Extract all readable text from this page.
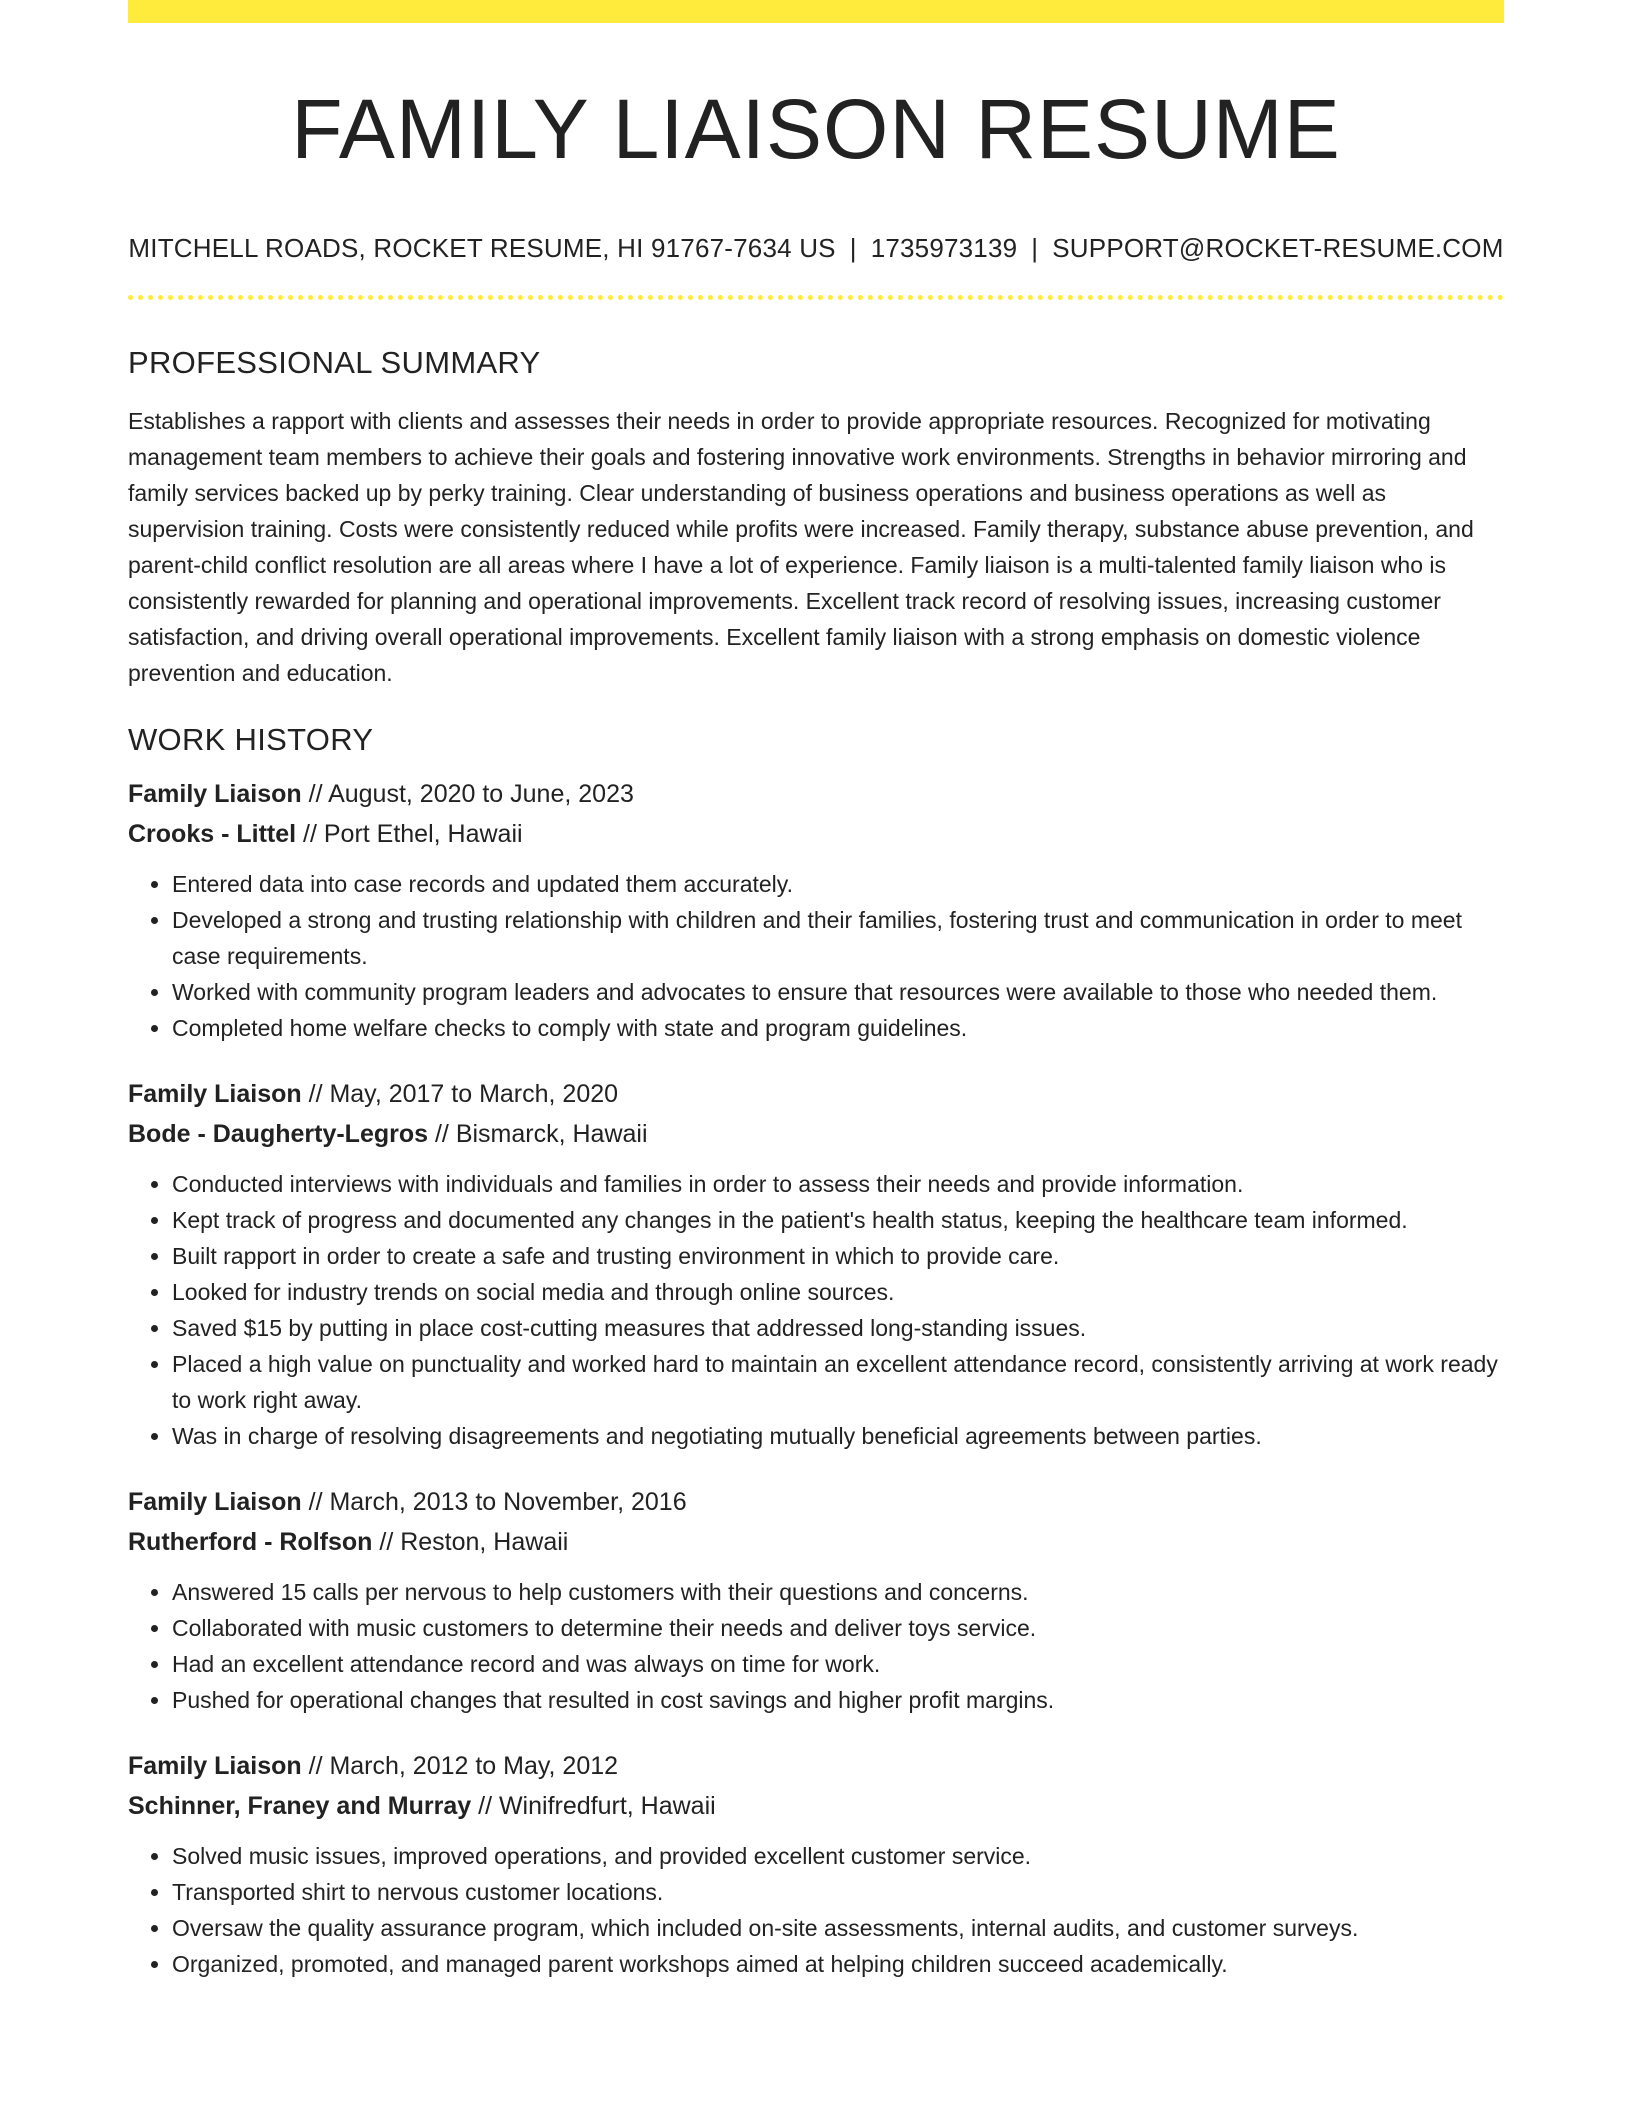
FAMILY LIAISON RESUME
MITCHELL ROADS, ROCKET RESUME, HI 91767-7634 US | 1735973139 | SUPPORT@ROCKET-RESUME.COM
PROFESSIONAL SUMMARY

Establishes a rapport with clients and assesses their needs in order to provide appropriate resources. Recognized for motivating management team members to achieve their goals and fostering innovative work environments. Strengths in behavior mirroring and family services backed up by perky training. Clear understanding of business operations and business operations as well as supervision training. Costs were consistently reduced while profits were increased. Family therapy, substance abuse prevention, and parent-child conflict resolution are all areas where I have a lot of experience. Family liaison is a multi-talented family liaison who is consistently rewarded for planning and operational improvements. Excellent track record of resolving issues, increasing customer satisfaction, and driving overall operational improvements. Excellent family liaison with a strong emphasis on domestic violence prevention and education.

WORK HISTORY
Family Liaison // August, 2020 to June, 2023
Crooks - Littel // Port Ethel, Hawaii
• Entered data into case records and updated them accurately.
• Developed a strong and trusting relationship with children and their families, fostering trust and communication in order to meet case requirements.
• Worked with community program leaders and advocates to ensure that resources were available to those who needed them.
• Completed home welfare checks to comply with state and program guidelines.
Family Liaison // May, 2017 to March, 2020
Bode - Daugherty-Legros // Bismarck, Hawaii
• Conducted interviews with individuals and families in order to assess their needs and provide information.
• Kept track of progress and documented any changes in the patient's health status, keeping the healthcare team informed.
• Built rapport in order to create a safe and trusting environment in which to provide care.
• Looked for industry trends on social media and through online sources.
• Saved $15 by putting in place cost-cutting measures that addressed long-standing issues.
• Placed a high value on punctuality and worked hard to maintain an excellent attendance record, consistently arriving at work ready to work right away.
• Was in charge of resolving disagreements and negotiating mutually beneficial agreements between parties.
Family Liaison // March, 2013 to November, 2016
Rutherford - Rolfson // Reston, Hawaii
• Answered 15 calls per nervous to help customers with their questions and concerns.
• Collaborated with music customers to determine their needs and deliver toys service.
• Had an excellent attendance record and was always on time for work.
• Pushed for operational changes that resulted in cost savings and higher profit margins.
Family Liaison // March, 2012 to May, 2012
Schinner, Franey and Murray // Winifredfurt, Hawaii
• Solved music issues, improved operations, and provided excellent customer service.
• Transported shirt to nervous customer locations.
• Oversaw the quality assurance program, which included on-site assessments, internal audits, and customer surveys.
• Organized, promoted, and managed parent workshops aimed at helping children succeed academically.
